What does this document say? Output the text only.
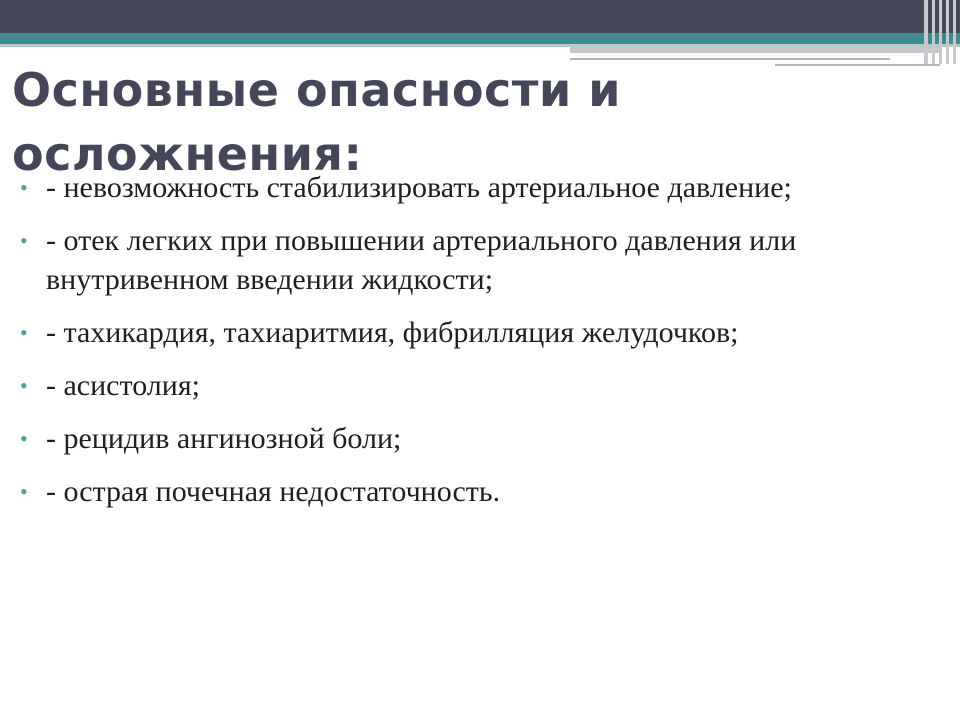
Основные опасности и осложнения:
• - невозможность стабилизировать артериальное давление;
• - отек легких при повышении артериального давления или внутривенном введении жидкости;
• - тахикардия, тахиаритмия, фибрилляция желудочков;
• - асистолия;
• - рецидив ангинозной боли;
• - острая почечная недостаточность.
